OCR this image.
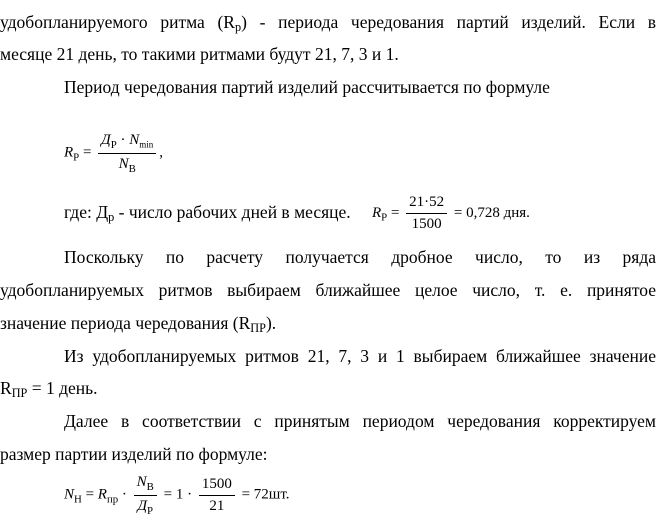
удобопланируемого ритма $(R_р)$ - периода чередования партий изделий. Если в
месяце 21 день, то такими ритмами будут 21, 7, 3 и 1.
Период чередования партий изделий рассчитывается по формуле
$R_Р = \frac{Д_Р \cdot N_{min}}{N_В}$ ,
где: $Д_р$ - число рабочих дней в месяце. $R_Р = \frac{21\cdot 52}{1500} = 0,728$ дня.
Поскольку по расчету получается дробное число, то из ряда
удобопланируемых ритмов выбираем ближайшее целое число, т. е. принятое
значение периода чередования $(R_{ПР})$.
Из удобопланируемых ритмов 21, 7, 3 и 1 выбираем ближайшее значение
$R_{ПР} = 1$ день.
Далее в соответствии с принятым периодом чередования корректируем
размер партии изделий по формуле:
$N_Н = R_{пр} \cdot \frac{N_В}{Д_Р} = 1 \cdot \frac{1500}{21} = 72шт$.
